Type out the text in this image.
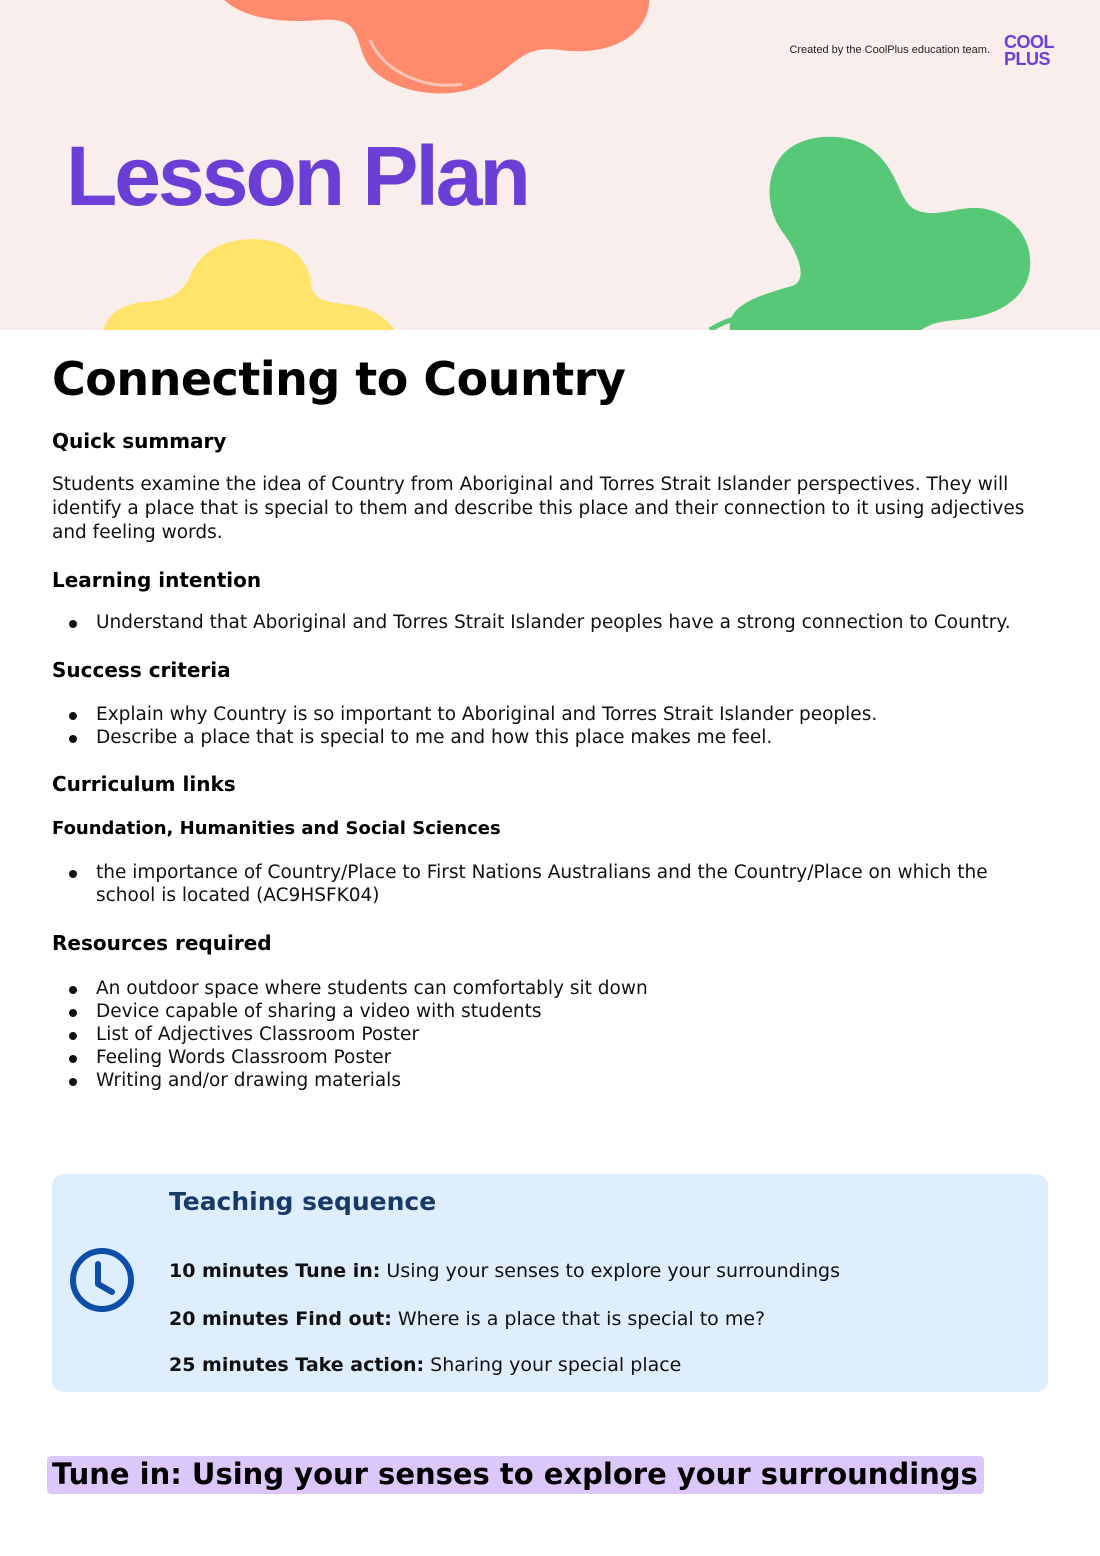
Created by the CoolPlus education team. COOL
PLUS
Lesson Plan
Connecting to Country
Quick summary

Students examine the idea of Country from Aboriginal and Torres Strait Islander perspectives. They will identify a place that is special to them and describe this place and their connection to it using adjectives and feeling words.

Learning intention
Understand that Aboriginal and Torres Strait Islander peoples have a strong connection to Country.
Success criteria
Explain why Country is so important to Aboriginal and Torres Strait Islander peoples.
Describe a place that is special to me and how this place makes me feel.
Curriculum links
Foundation, Humanities and Social Sciences
the importance of Country/Place to First Nations Australians and the Country/Place on which the school is located (AC9HSFK04)
Resources required
An outdoor space where students can comfortably sit down
Device capable of sharing a video with students
List of Adjectives Classroom Poster
Feeling Words Classroom Poster
Writing and/or drawing materials
Teaching sequence
10 minutes Tune in: Using your senses to explore your surroundings
20 minutes Find out: Where is a place that is special to me?
25 minutes Take action: Sharing your special place
Tune in: Using your senses to explore your surroundings
